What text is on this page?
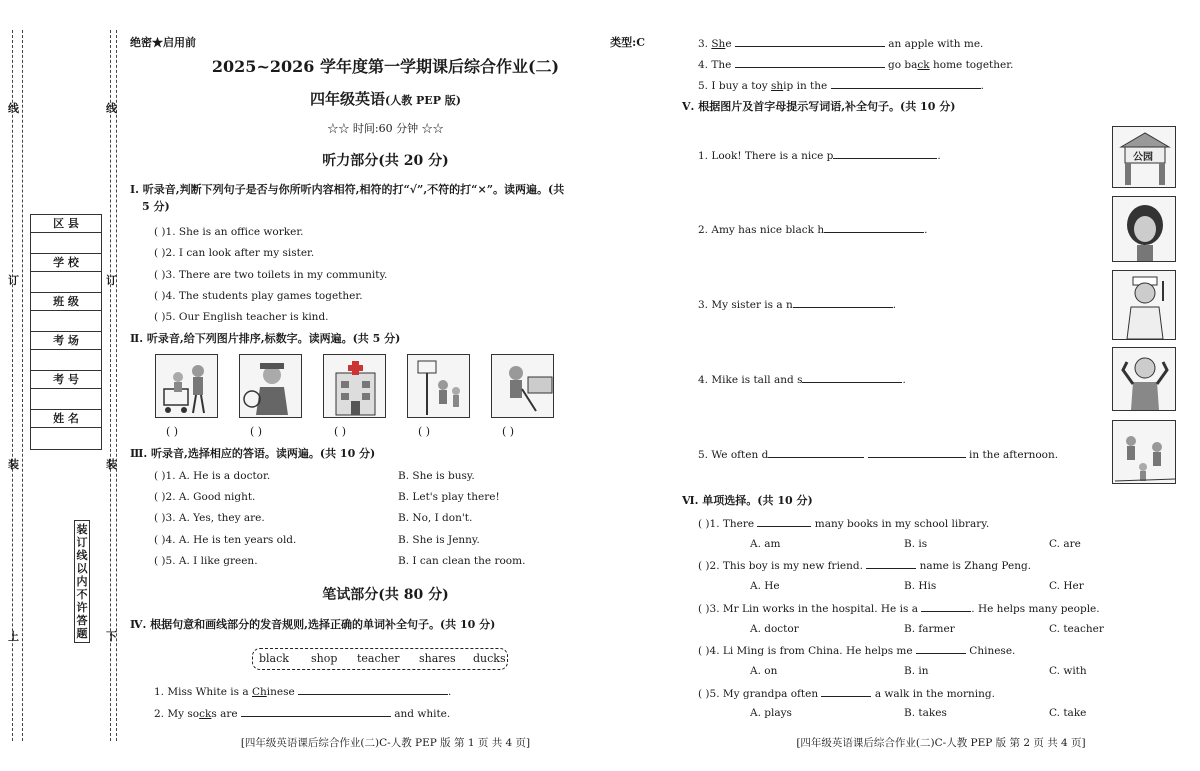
线	线
订	订
装	装
上	下
区 县
学 校
班 级
考 场
考 号
姓 名
装订线以内不许答题
绝密★启用前	类型:C
2025~2026 学年度第一学期课后综合作业(二)
四年级英语(人教 PEP 版)
☆☆ 时间:60 分钟 ☆☆
听力部分(共 20 分)
Ⅰ. 听录音,判断下列句子是否与你所听内容相符,相符的打“√”,不符的打“×”。读两遍。(共
5 分)
( )1. She is an office worker.
( )2. I can look after my sister.
( )3. There are two toilets in my community.
( )4. The students play games together.
( )5. Our English teacher is kind.
Ⅱ. 听录音,给下列图片排序,标数字。读两遍。(共 5 分)
( )	( )	( )	( )	( )
Ⅲ. 听录音,选择相应的答语。读两遍。(共 10 分)
( )1. A. He is a doctor.	B. She is busy.
( )2. A. Good night.	B. Let's play there!
( )3. A. Yes, they are.	B. No, I don't.
( )4. A. He is ten years old.	B. She is Jenny.
( )5. A. I like green.	B. I can clean the room.
笔试部分(共 80 分)
Ⅳ. 根据句意和画线部分的发音规则,选择正确的单词补全句子。(共 10 分)
black shop teacher shares ducks
1. Miss White is a Chinese	.
2. My socks are	and white.
[四年级英语课后综合作业(二)C-人教 PEP 版 第 1 页 共 4 页]
3. She	an apple with me.
4. The	go back home together.
5. I buy a toy ship in the	.
Ⅴ. 根据图片及首字母提示写词语,补全句子。(共 10 分)
1. Look! There is a nice p	.
2. Amy has nice black h	.
3. My sister is a n	.
4. Mike is tall and s	.
5. We often d	in the afternoon.
公园
Ⅵ. 单项选择。(共 10 分)
( )1. There	many books in my school library.
A. am	B. is	C. are
( )2. This boy is my new friend.	name is Zhang Peng.
A. He	B. His	C. Her
( )3. Mr Lin works in the hospital. He is a	. He helps many people.
A. doctor	B. farmer	C. teacher
( )4. Li Ming is from China. He helps me	Chinese.
A. on	B. in	C. with
( )5. My grandpa often	a walk in the morning.
A. plays	B. takes	C. take
[四年级英语课后综合作业(二)C-人教 PEP 版 第 2 页 共 4 页]
